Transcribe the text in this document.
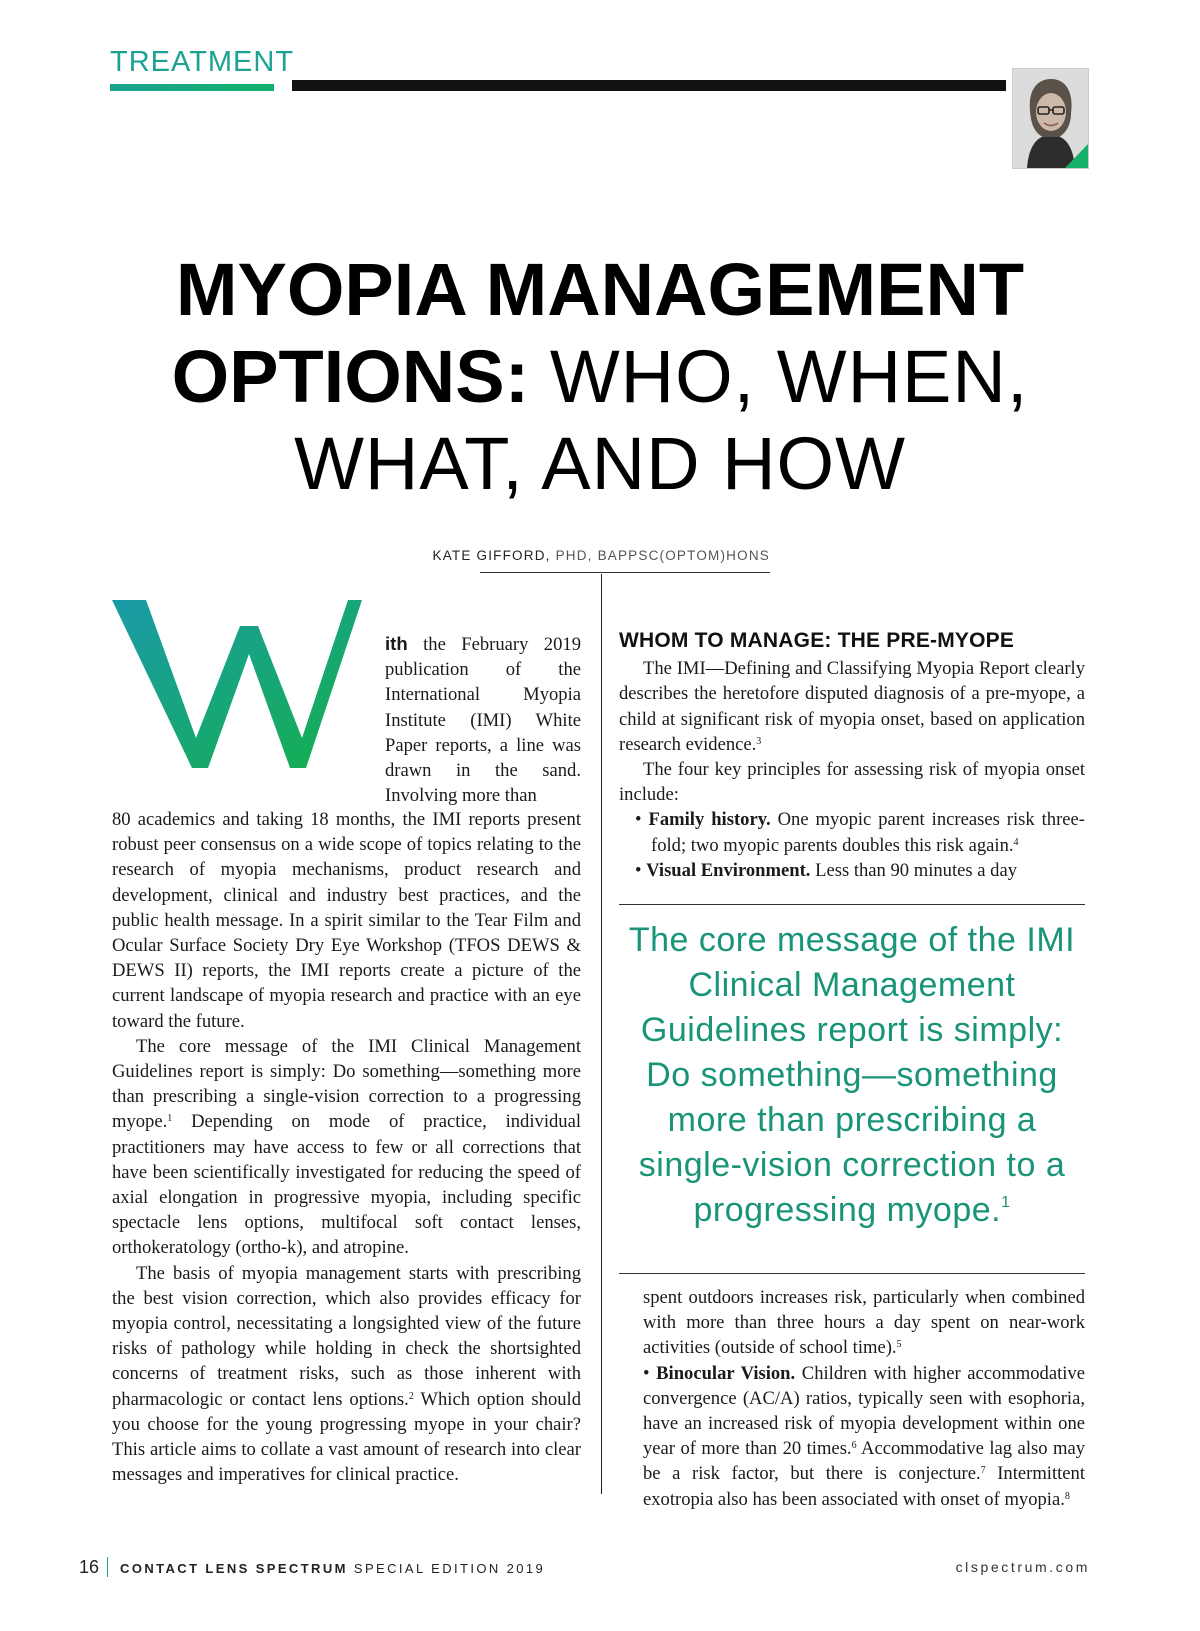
TREATMENT
MYOPIA MANAGEMENT
OPTIONS: WHO, WHEN,
WHAT, AND HOW
KATE GIFFORD, PHD, BAPPSC(OPTOM)HONS

ith the February 2019 publication of the International Myopia Institute (IMI) White Paper reports, a line was drawn in the sand. Involving more than

80 academics and taking 18 months, the IMI reports present robust peer consensus on a wide scope of topics relating to the research of myopia mechanisms, product research and development, clinical and industry best practices, and the public health message. In a spirit similar to the Tear Film and Ocular Surface Society Dry Eye Workshop (TFOS DEWS & DEWS II) reports, the IMI reports create a picture of the current landscape of myopia research and practice with an eye toward the future.

The core message of the IMI Clinical Management Guidelines report is simply: Do something—something more than prescribing a single-vision correction to a progressing myope.$^1$ Depending on mode of practice, individual practitioners may have access to few or all corrections that have been scientifically investigated for reducing the speed of axial elongation in progressive myopia, including specific spectacle lens options, multifocal soft contact lenses, orthokeratology (ortho-k), and atropine.

The basis of myopia management starts with prescribing the best vision correction, which also provides efficacy for myopia control, necessitating a longsighted view of the future risks of pathology while holding in check the shortsighted concerns of treatment risks, such as those inherent with pharmacologic or contact lens options.$^2$ Which option should you choose for the young progressing myope in your chair? This article aims to collate a vast amount of research into clear messages and imperatives for clinical practice.

WHOM TO MANAGE: THE PRE-MYOPE

The IMI—Defining and Classifying Myopia Report clearly describes the heretofore disputed diagnosis of a pre-myope, a child at significant risk of myopia onset, based on application research evidence.$^3$

The four key principles for assessing risk of myopia onset include:

• Family history. One myopic parent increases risk three-fold; two myopic parents doubles this risk again.$^4$

• Visual Environment. Less than 90 minutes a day

The core message of the IMI Clinical Management Guidelines report is simply: Do something—something more than prescribing a single-vision correction to a progressing myope.$^1$

spent outdoors increases risk, particularly when combined with more than three hours a day spent on near-work activities (outside of school time).$^5$

• Binocular Vision. Children with higher accommodative convergence (AC/A) ratios, typically seen with esophoria, have an increased risk of myopia development within one year of more than 20 times.$^6$ Accommodative lag also may be a risk factor, but there is conjecture.$^7$ Intermittent exotropia also has been associated with onset of myopia.$^8$

16 CONTACT LENS SPECTRUM SPECIAL EDITION 2019	clspectrum.com
